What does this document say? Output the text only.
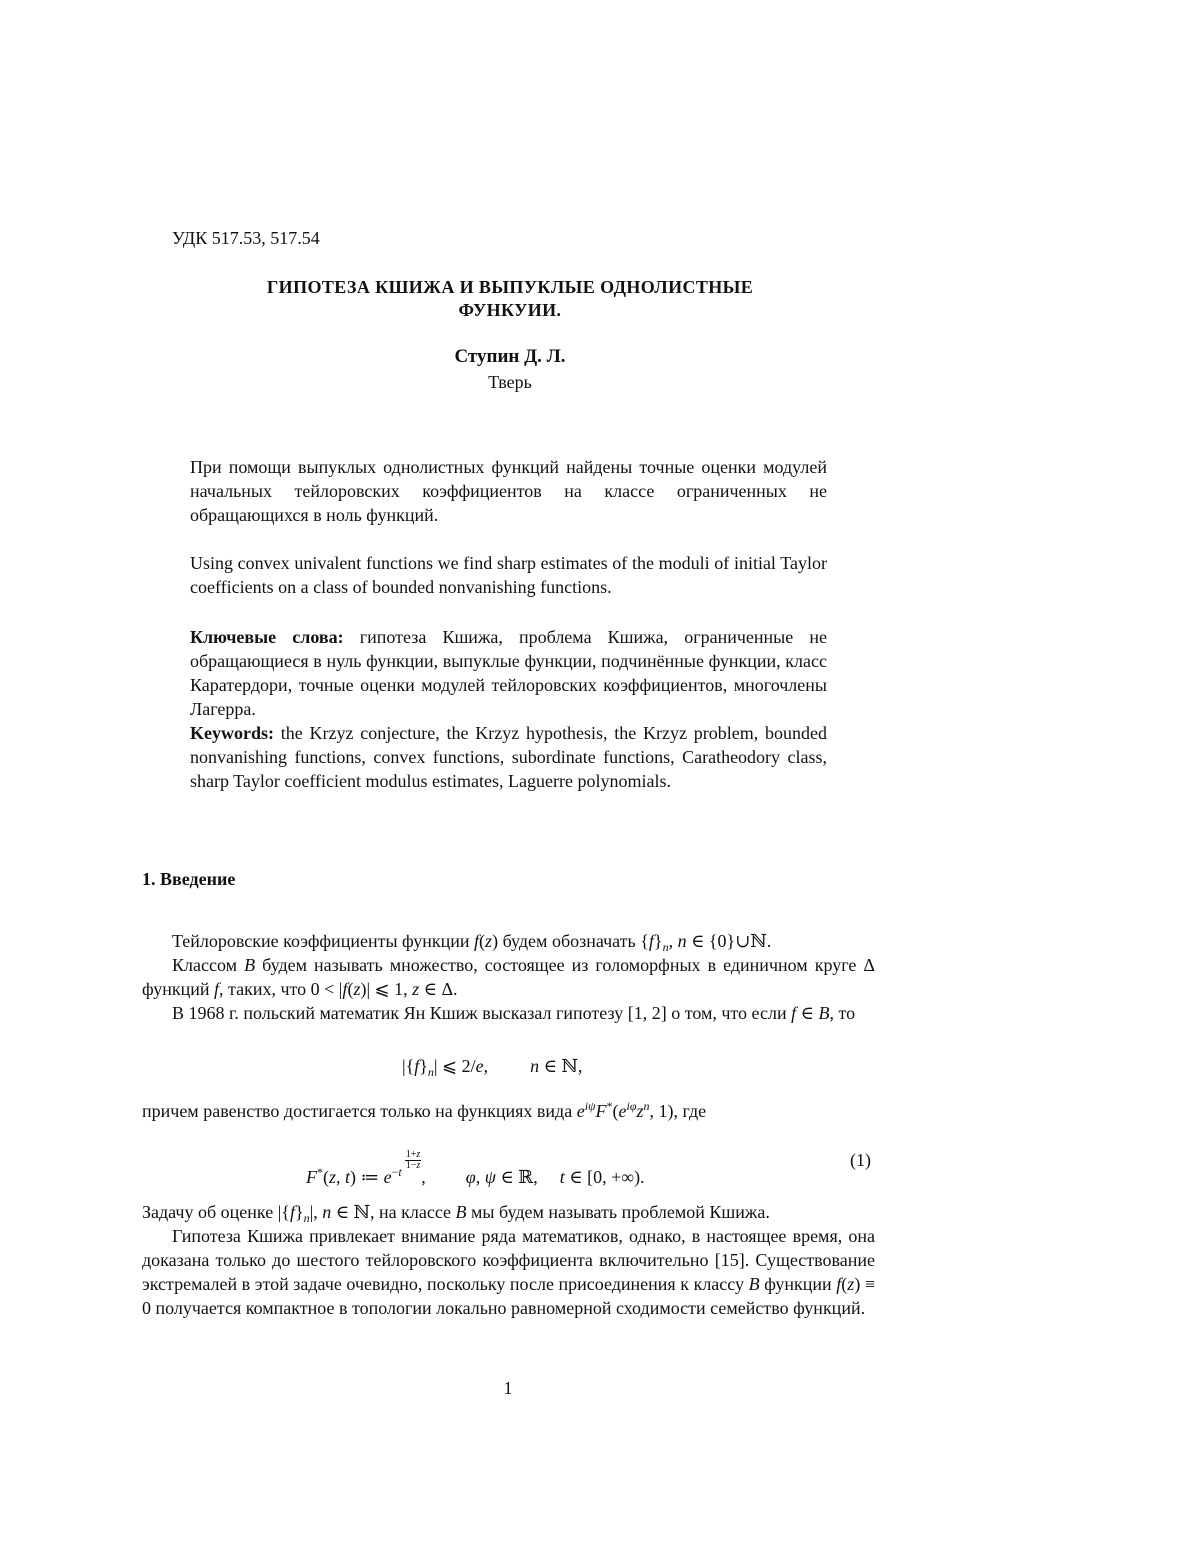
УДК 517.53, 517.54
ГИПОТЕЗА КШИЖА И ВЫПУКЛЫЕ ОДНОЛИСТНЫЕ
ФУНКУИИ.
Ступин Д. Л.
Тверь

При помощи выпуклых однолистных функций найдены точные оценки модулей начальных тейлоровских коэффициентов на классе ограниченных не обращающихся в ноль функций.

Using convex univalent functions we find sharp estimates of the moduli of initial Taylor coefficients on a class of bounded nonvanishing functions.

Ключевые слова: гипотеза Кшижа, проблема Кшижа, ограниченные не обращающиеся в нуль функции, выпуклые функции, подчинённые функции, класс Каратердори, точные оценки модулей тейлоровских коэффициентов, многочлены Лагерра.

Keywords: the Krzyz conjecture, the Krzyz hypothesis, the Krzyz problem, bounded nonvanishing functions, convex functions, subordinate functions, Caratheodory class, sharp Taylor coefficient modulus estimates, Laguerre polynomials.

1. Введение

Тейлоровские коэффициенты функции f(z) будем обозначать $\{f\}_n$, n ∈ {0}∪ℕ.

Классом B будем называть множество, состоящее из голоморфных в единичном круге Δ функций f, таких, что 0 < |f(z)| ⩽ 1, z ∈ Δ.

В 1968 г. польский математик Ян Кшиж высказал гипотезу [1, 2] о том, что если f ∈ B, то

$|\{f\}_n|$ ⩽ 2/e, n ∈ ℕ,

причем равенство достигается только на функциях вида $e^{i\psi}F^*(e^{i\varphi}z^n$, 1), где

F*(z, t) ≔ $e^{-t \frac{1+z}{1-z}}$
, φ, ψ ∈ ℝ, t ∈ [0, +∞).
(1)

Задачу об оценке $|\{f\}_n|$, n ∈ ℕ, на классе B мы будем называть проблемой Кшижа.

Гипотеза Кшижа привлекает внимание ряда математиков, однако, в настоящее время, она доказана только до шестого тейлоровского коэффициента включительно [15]. Существование экстремалей в этой задаче очевидно, поскольку после присоединения к классу B функции f(z) ≡ 0 получается компактное в топологии локально равномерной сходимости семейство функций.

1
